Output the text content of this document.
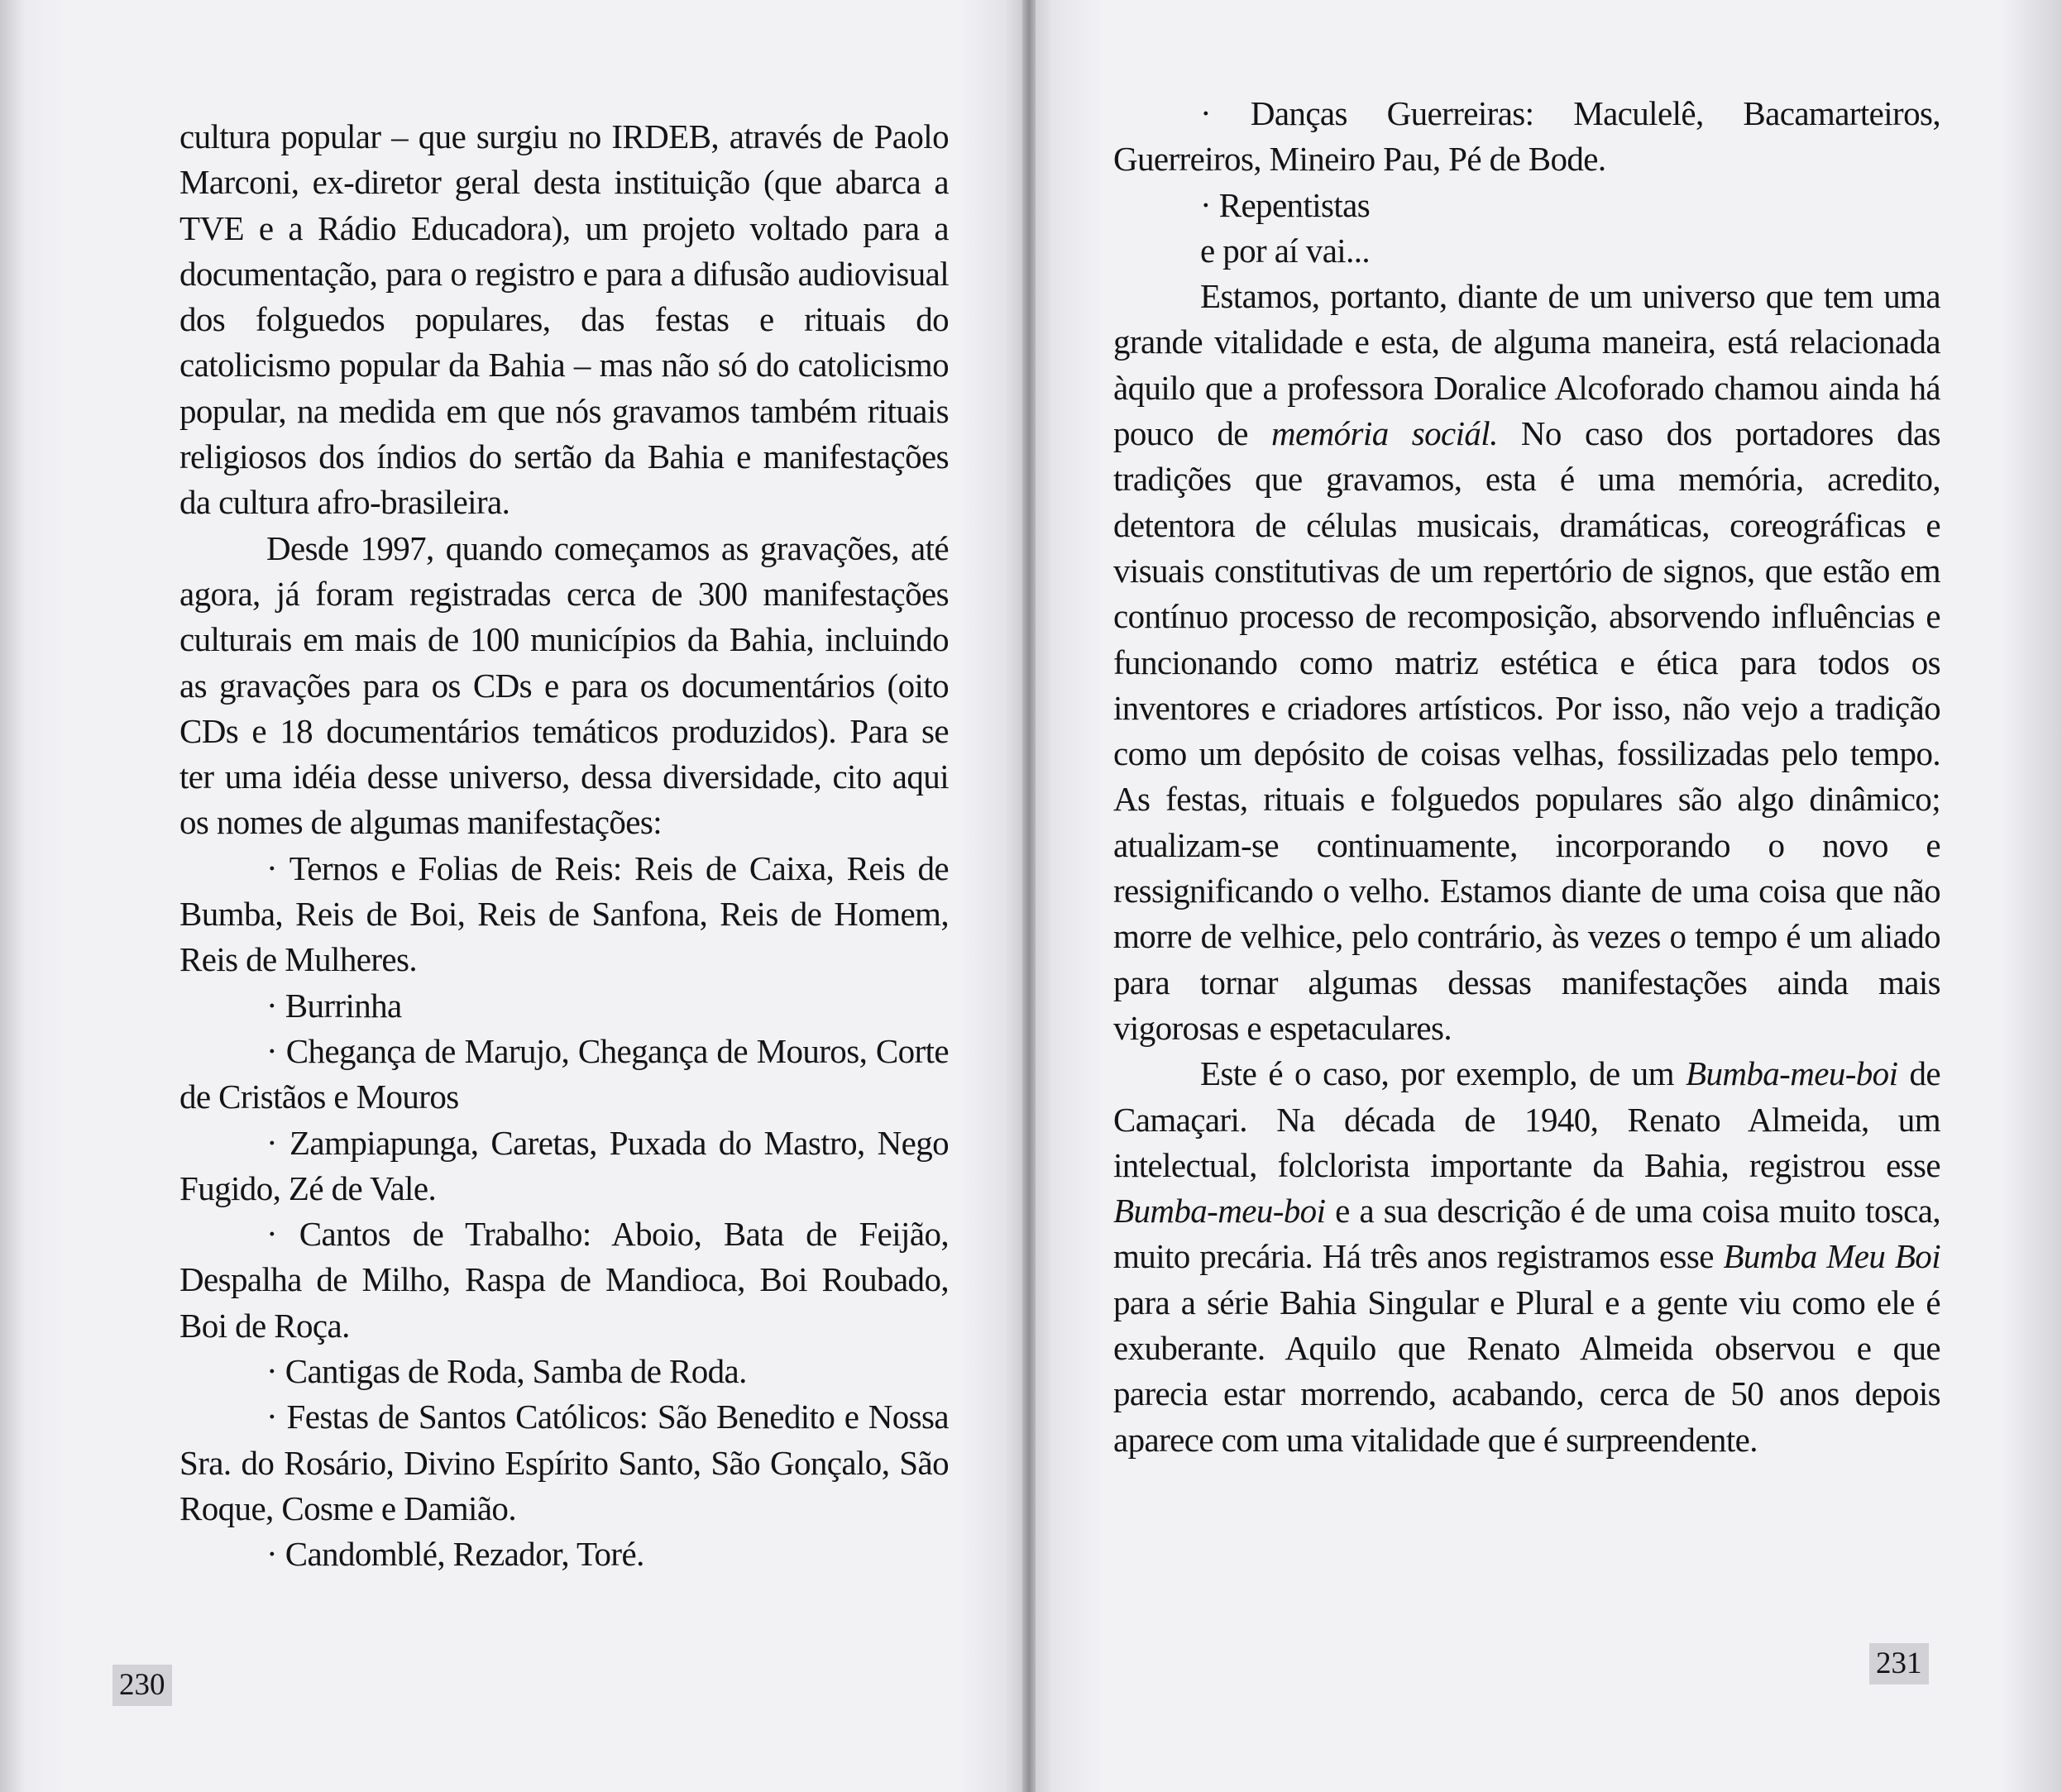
cultura popular – que surgiu no IRDEB, através de Paolo Marconi, ex-diretor geral desta instituição (que abarca a TVE e a Rádio Educadora), um projeto voltado para a documentação, para o registro e para a difusão audiovisual dos folguedos populares, das festas e rituais do catolicismo popular da Bahia – mas não só do catolicismo popular, na medida em que nós gravamos também rituais religiosos dos índios do sertão da Bahia e manifestações da cultura afro-brasileira.

Desde 1997, quando começamos as gravações, até agora, já foram registradas cerca de 300 manifestações culturais em mais de 100 municípios da Bahia, incluindo as gravações para os CDs e para os documentários (oito CDs e 18 documentários temáticos produzidos). Para se ter uma idéia desse universo, dessa diversidade, cito aqui os nomes de algumas manifestações:

· Ternos e Folias de Reis: Reis de Caixa, Reis de Bumba, Reis de Boi, Reis de Sanfona, Reis de Homem, Reis de Mulheres.

· Burrinha

· Chegança de Marujo, Chegança de Mouros, Corte de Cristãos e Mouros

· Zampiapunga, Caretas, Puxada do Mastro, Nego Fugido, Zé de Vale.

· Cantos de Trabalho: Aboio, Bata de Feijão, Despalha de Milho, Raspa de Mandioca, Boi Roubado, Boi de Roça.

· Cantigas de Roda, Samba de Roda.

· Festas de Santos Católicos: São Benedito e Nossa Sra. do Rosário, Divino Espírito Santo, São Gonçalo, São Roque, Cosme e Damião.

· Candomblé, Rezador, Toré.

230

· Danças Guerreiras: Maculelê, Bacamarteiros, Guerreiros, Mineiro Pau, Pé de Bode.

· Repentistas

e por aí vai...

Estamos, portanto, diante de um universo que tem uma grande vitalidade e esta, de alguma maneira, está relacionada àquilo que a professora Doralice Alcoforado chamou ainda há pouco de memória sociál. No caso dos portadores das tradições que gravamos, esta é uma memória, acredito, detentora de células musicais, dramáticas, coreográficas e visuais constitutivas de um repertório de signos, que estão em contínuo processo de recomposição, absorvendo influências e funcionando como matriz estética e ética para todos os inventores e criadores artísticos. Por isso, não vejo a tradição como um depósito de coisas velhas, fossilizadas pelo tempo. As festas, rituais e folguedos populares são algo dinâmico; atualizam-se continuamente, incorporando o novo e ressignificando o velho. Estamos diante de uma coisa que não morre de velhice, pelo contrário, às vezes o tempo é um aliado para tornar algumas dessas manifestações ainda mais vigorosas e espetaculares.

Este é o caso, por exemplo, de um Bumba-meu-boi de Camaçari. Na década de 1940, Renato Almeida, um intelectual, folclorista importante da Bahia, registrou esse Bumba-meu-boi e a sua descrição é de uma coisa muito tosca, muito precária. Há três anos registramos esse Bumba Meu Boi para a série Bahia Singular e Plural e a gente viu como ele é exuberante. Aquilo que Renato Almeida observou e que parecia estar morrendo, acabando, cerca de 50 anos depois aparece com uma vitalidade que é surpreendente.

231
